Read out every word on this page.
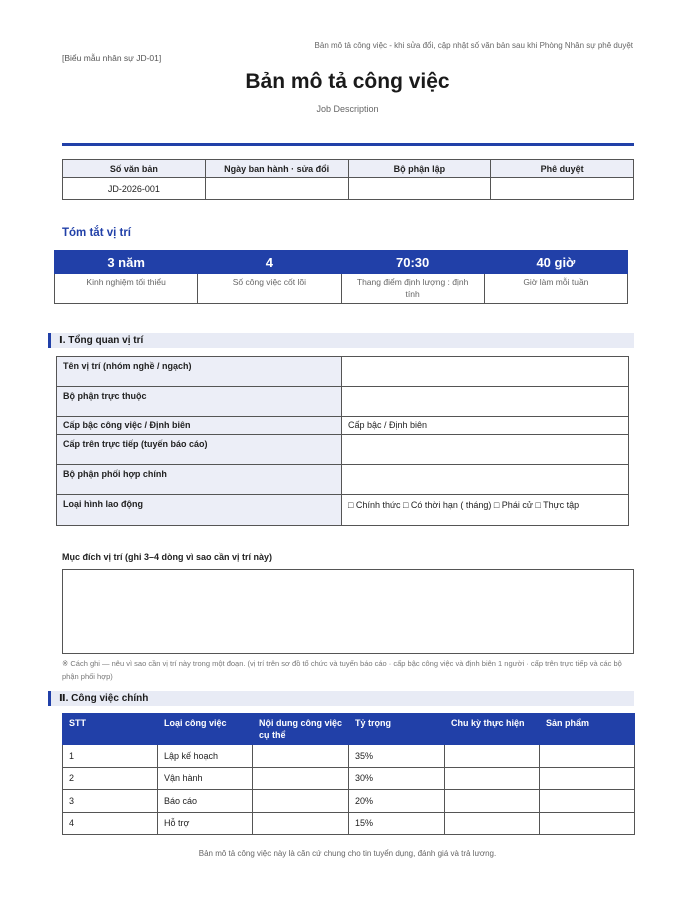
Bản mô tả công việc - khi sửa đổi, cập nhật số văn bản sau khi Phòng Nhân sự phê duyệt
[Biểu mẫu nhân sự JD-01]
Bản mô tả công việc
Job Description
Số văn bản	Ngày ban hành · sửa đổi	Bộ phận lập	Phê duyệt
JD-2026-001			
Tóm tắt vị trí
3 năm	4	70:30	40 giờ
Kinh nghiệm tối thiểu	Số công việc cốt lõi	Thang điểm định lượng : định tính	Giờ làm mỗi tuần
Ⅰ. Tổng quan vị trí
Tên vị trí (nhóm nghề / ngạch)	
Bộ phận trực thuộc	
Cấp bậc công việc / Định biên	Cấp bậc / Định biên
Cấp trên trực tiếp (tuyến báo cáo)	
Bộ phận phối hợp chính	
Loại hình lao động	□ Chính thức □ Có thời hạn ( tháng) □ Phái cử □ Thực tập
Mục đích vị trí (ghi 3–4 dòng vì sao cần vị trí này)
※ Cách ghi — nêu vì sao cần vị trí này trong một đoạn. (vị trí trên sơ đồ tổ chức và tuyến báo cáo · cấp bậc công việc và định biên 1 người · cấp trên trực tiếp và các bộ phận phối hợp)
Ⅱ. Công việc chính
STT	Loại công việc	Nội dung công việc cụ thể	Tỷ trọng	Chu kỳ thực hiện	Sản phẩm
1	Lập kế hoạch		35%		
2	Vận hành		30%		
3	Báo cáo		20%		
4	Hỗ trợ		15%		
Bản mô tả công việc này là căn cứ chung cho tin tuyển dụng, đánh giá và trả lương.
